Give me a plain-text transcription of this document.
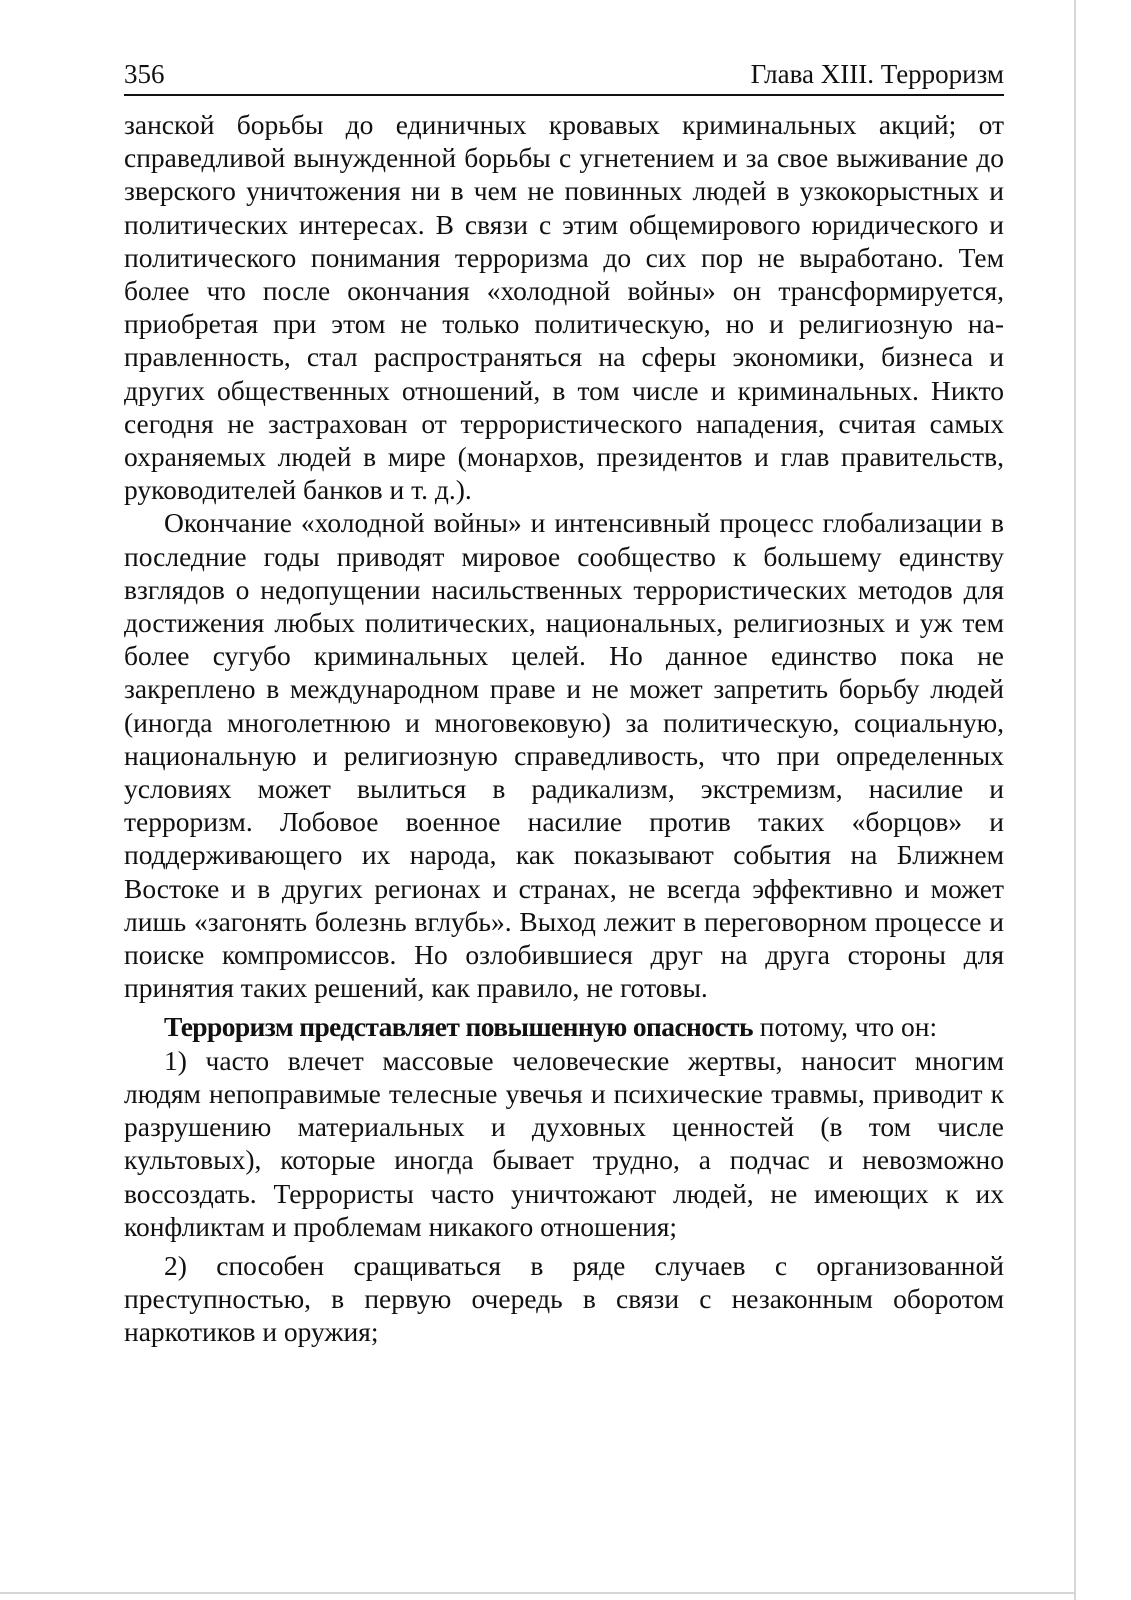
356	Глава XIII. Терроризм

занской борьбы до единичных кровавых криминальных акций; от справедливой вынужденной борьбы с угнетением и за свое выживание до зверского уничтожения ни в чем не повинных людей в узкокорыстных и политических интересах. В связи с этим общемирового юридического и политического понимания терроризма до сих пор не выработано. Тем более что после окончания «холодной войны» он трансформируется, приобретая при этом не только политическую, но и религиозную направленность, стал распространяться на сферы экономики, бизнеса и других общественных отношений, в том числе и криминальных. Никто сегодня не застрахован от террористического нападения, считая самых охраняемых людей в мире (монархов, президентов и глав правительств, руководителей банков и т. д.).

Окончание «холодной войны» и интенсивный процесс глобализации в последние годы приводят мировое сообщество к большему единству взглядов о недопущении насильственных террористических методов для достижения любых политических, национальных, религиозных и уж тем более сугубо криминальных целей. Но данное единство пока не закреплено в международном праве и не может запретить борьбу людей (иногда многолетнюю и многовековую) за политическую, социальную, национальную и религиозную справедливость, что при определенных условиях может вылиться в радикализм, экстремизм, насилие и терроризм. Лобовое военное насилие против таких «борцов» и поддерживающего их народа, как показывают события на Ближнем Востоке и в других регионах и странах, не всегда эффективно и может лишь «загонять болезнь вглубь». Выход лежит в переговорном процессе и поиске компромиссов. Но озлобившиеся друг на друга стороны для принятия таких решений, как правило, не готовы.

Терроризм представляет повышенную опасность потому, что он:

1) часто влечет массовые человеческие жертвы, наносит многим людям непоправимые телесные увечья и психические травмы, приводит к разрушению материальных и духовных ценностей (в том числе культовых), которые иногда бывает трудно, а подчас и невозможно воссоздать. Террористы часто уничтожают людей, не имеющих к их конфликтам и проблемам никакого отношения;

2) способен сращиваться в ряде случаев с организованной преступностью, в первую очередь в связи с незаконным оборотом наркотиков и оружия;
